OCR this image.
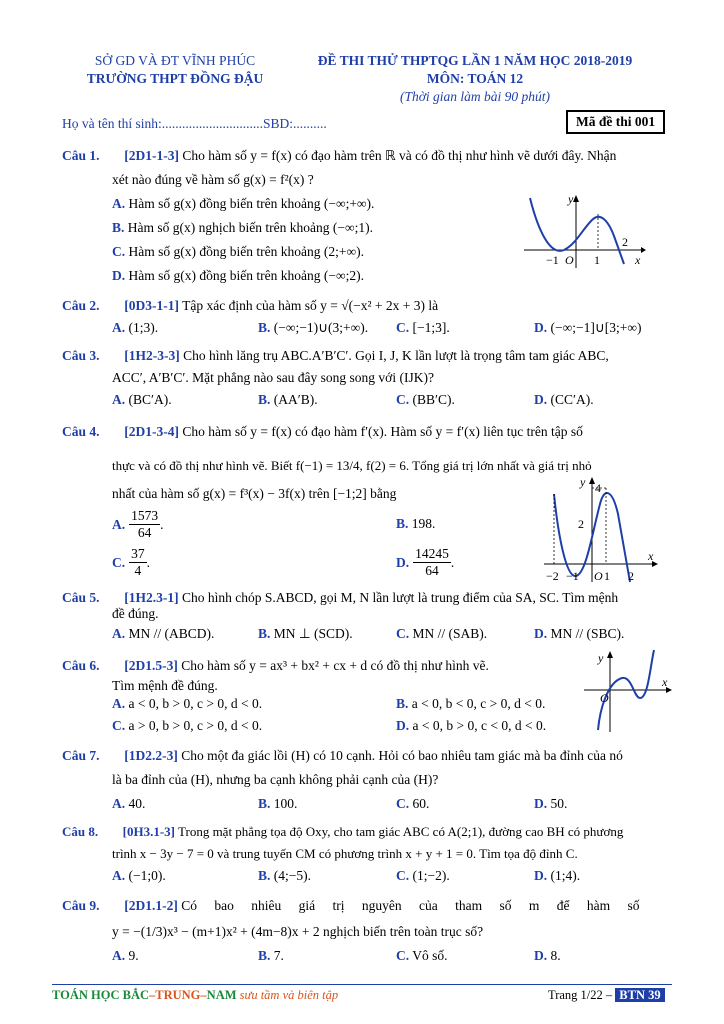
SỞ GD VÀ ĐT VĨNH PHÚC
TRƯỜNG THPT ĐỒNG ĐẬU
ĐỀ THI THỬ THPTQG LẦN 1 NĂM HỌC 2018-2019
MÔN: TOÁN 12
(Thời gian làm bài 90 phút)
Họ và tên thí sinh:..............................SBD:..........	Mã đề thi 001
Câu 1. [2D1-1-3] Cho hàm số y = f(x) có đạo hàm trên ℝ và có đồ thị như hình vẽ dưới đây. Nhận
xét nào đúng về hàm số g(x) = f²(x) ?
A. Hàm số g(x) đồng biến trên khoảng (−∞;+∞).
B. Hàm số g(x) nghịch biến trên khoảng (−∞;1).
C. Hàm số g(x) đồng biến trên khoảng (2;+∞).
D. Hàm số g(x) đồng biến trên khoảng (−∞;2).
y
x
O
−1	1
2
Câu 2. [0D3-1-1] Tập xác định của hàm số y = √(−x² + 2x + 3) là
A. (1;3).	B. (−∞;−1)∪(3;+∞). C. [−1;3].	D. (−∞;−1]∪[3;+∞)
Câu 3. [1H2-3-3] Cho hình lăng trụ ABC.A′B′C′. Gọi I, J, K lần lượt là trọng tâm tam giác ABC,
ACC′, A′B′C′. Mặt phẳng nào sau đây song song với (IJK)?
A. (BC′A).	B. (AA′B).	C. (BB′C).	D. (CC′A).
Câu 4. [2D1-3-4] Cho hàm số y = f(x) có đạo hàm f′(x). Hàm số y = f′(x) liên tục trên tập số
thực và có đồ thị như hình vẽ. Biết f(−1) = 13/4, f(2) = 6. Tổng giá trị lớn nhất và giá trị nhỏ
nhất của hàm số g(x) = f³(x) − 3f(x) trên [−1;2] bằng
A. $\frac{1573}{64}$ .	B. 198.
C. $\frac{37}{4}$ .	D. $\frac{14245}{64}$ .
y
x
4
2
−2 −1 O 1 2
Câu 5. [1H2.3-1] Cho hình chóp S.ABCD, gọi M, N lần lượt là trung điểm của SA, SC. Tìm mệnh
đề đúng.
A. MN // (ABCD).	B. MN ⊥ (SCD).	C. MN // (SAB).	D. MN // (SBC).
Câu 6. [2D1.5-3] Cho hàm số y = ax³ + bx² + cx + d có đồ thị như hình vẽ.
Tìm mệnh đề đúng.
A. a < 0, b > 0, c > 0, d < 0.	B. a < 0, b < 0, c > 0, d < 0.
C. a > 0, b > 0, c > 0, d < 0.	D. a < 0, b > 0, c < 0, d < 0.
y
x
O
Câu 7. [1D2.2-3] Cho một đa giác lồi (H) có 10 cạnh. Hỏi có bao nhiêu tam giác mà ba đỉnh của nó
là ba đỉnh của (H), nhưng ba cạnh không phải cạnh của (H)?
A. 40.	B. 100.	C. 60.	D. 50.
Câu 8. [0H3.1-3] Trong mặt phẳng tọa độ Oxy, cho tam giác ABC có A(2;1), đường cao BH có phương
trình x − 3y − 7 = 0 và trung tuyến CM có phương trình x + y + 1 = 0. Tìm tọa độ đỉnh C.
A. (−1;0).	B. (4;−5).	C. (1;−2).	D. (1;4).
Câu 9. [2D1.1-2] Có bao nhiêu giá trị nguyên của tham số m để hàm số
y = −(1/3)x³ − (m+1)x² + (4m−8)x + 2 nghịch biến trên toàn trục số?
A. 9.	B. 7.	C. Vô số.	D. 8.
TOÁN HỌC BẮC–TRUNG–NAM sưu tầm và biên tập	Trang 1/22 – BTN 39
